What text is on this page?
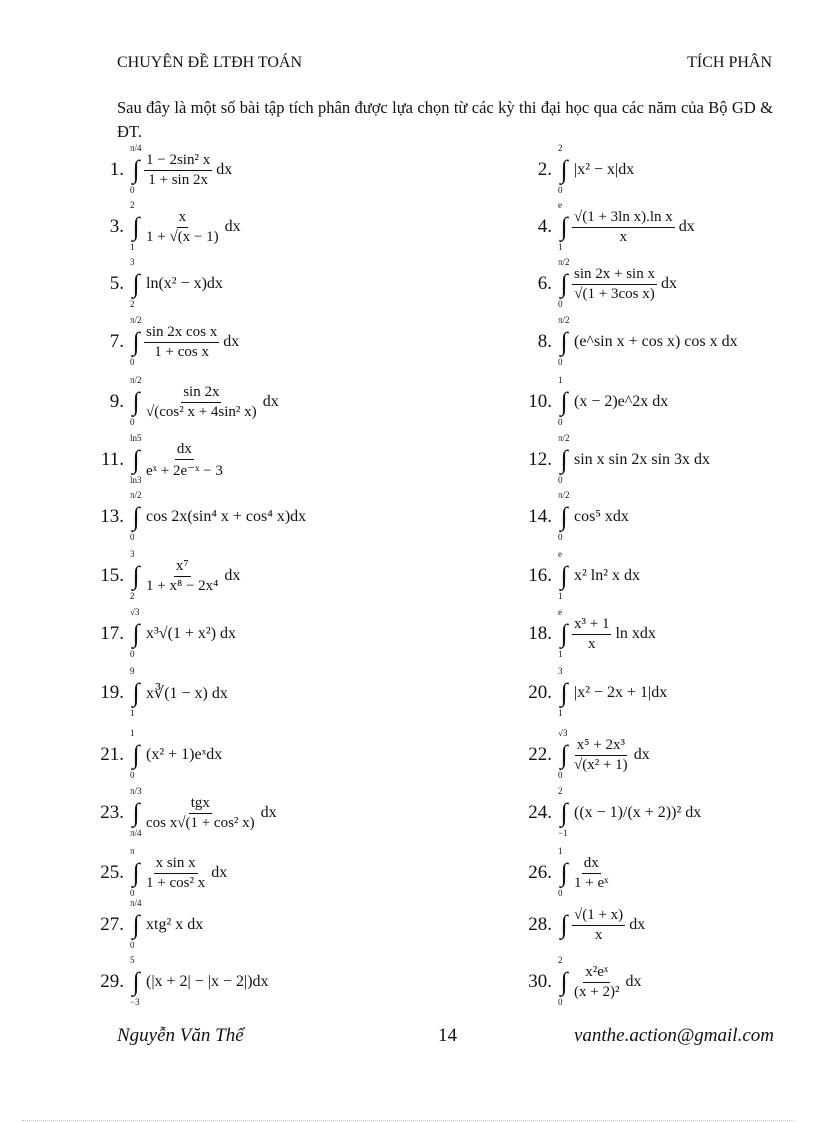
CHUYÊN ĐỀ LTĐH TOÁN	TÍCH PHÂN
Sau đây là một số bài tập tích phân được lựa chọn từ các kỳ thi đại học qua các năm của Bộ GD & ĐT.
1.
π/4
∫
0
$\frac{\text{1 − 2sin² x}}{1 + \sin 2x}$ dx	2.
2
∫
0
|x² − x|dx
3.
2
∫
1
$\frac{x}{1 + √(x - 1)}$ dx	4.
e
∫
1
$\frac{\text{√(1 + 3ln x).ln x}}{x}$ dx
5.
3
∫
2
ln(x² − x)dx	6.
π/2
∫
0
$\frac{\text{sin 2x + sin x}}{\text{√(1 + 3cos x)}}$ dx
7.
π/2
∫
0
$\frac{\text{sin 2x cos x}}{\text{1 + cos x}}$ dx	8.
π/2
∫
0
(e^sin x + cos x) cos x dx
9.
π/2
∫
0
$\frac{\sin 2x}{\text{√(cos² x + 4sin² x)}}$ dx	10.
1
∫
0
(x − 2)e^2x dx
11.
ln5
∫
ln3
$\frac{dx}{\text{eˣ + 2e⁻ˣ − 3}}$	12.
π/2
∫
0
sin x sin 2x sin 3x dx
13.
π/2
∫
0
cos 2x(sin⁴ x + cos⁴ x)dx	14.
π/2
∫
0
cos⁵ xdx
15.
3
∫
2
$\frac{\text{x⁷}}{\text{1 + x⁸ − 2x⁴}}$ dx	16.
e
∫
1
x² ln² x dx
17.
√3
∫
0
x³√(1 + x²) dx	18.
e
∫
1
$\frac{\text{x³ + 1}}{x}$ ln xdx
19.
9
∫
1
x∛(1 − x) dx	20.
3
∫
1
|x² − 2x + 1|dx
21.
1
∫
0
(x² + 1)eˣdx	22.
√3
∫
0
$\frac{\text{x⁵ + 2x³}}{\text{√(x² + 1)}}$ dx
23.
π/3
∫
π/4
$\frac{\text{tgx}}{\text{cos x√(1 + cos² x)}}$ dx	24.
2
∫
−1
((x − 1)/(x + 2))² dx
25.
π
∫
0
$\frac{\text{x sin x}}{\text{1 + cos² x}}$ dx	26.
1
∫
0
$\frac{dx}{\text{1 + eˣ}}$
27.
π/4
∫
0
xtg² x dx	28. ∫ $\frac{√(1 + x)}{x}$ dx
29.
5
∫
−3
(|x + 2| − |x − 2|)dx	30.
2
∫
0
$\frac{\text{x²eˣ}}{\text{(x + 2)²}}$ dx
Nguyễn Văn Thể	14	vanthe.action@gmail.com
